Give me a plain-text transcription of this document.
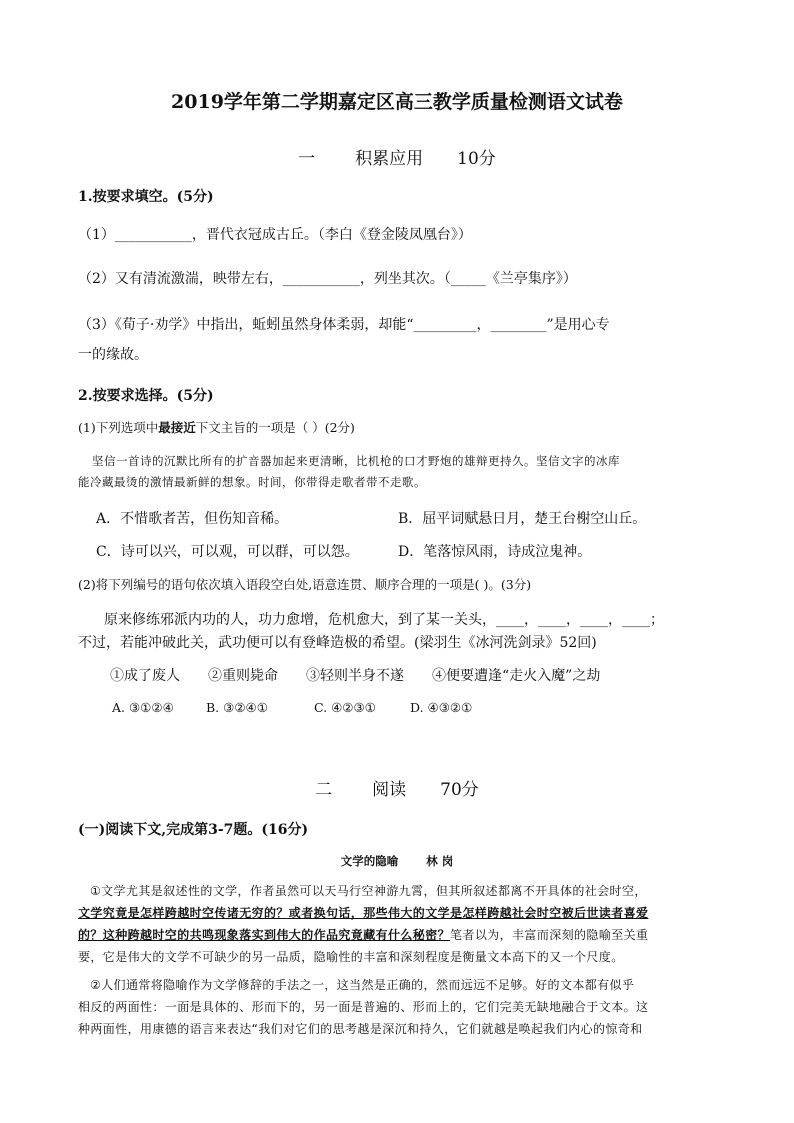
2019学年第二学期嘉定区高三教学质量检测语文试卷
一 积累应用 10分
1.按要求填空。(5分)
（1）___________，晋代衣冠成古丘。（李白《登金陵凤凰台》）
（2）又有清流激湍，映带左右，___________，列坐其次。（_____《兰亭集序》）
（3）《荀子·劝学》中指出，蚯蚓虽然身体柔弱，却能“_________，________”是用心专
一的缘故。
2.按要求选择。(5分)
(1)下列选项中最接近下文主旨的一项是（ ）(2分)
坚信一首诗的沉默比所有的扩音器加起来更清晰，比机枪的口才野炮的雄辩更持久。坚信文字的冰库
能冷藏最烫的激情最新鲜的想象。时间，你带得走歌者带不走歌。
A．不惜歌者苦，但伤知音稀。	B．屈平词赋悬日月，楚王台榭空山丘。
C．诗可以兴，可以观，可以群，可以怨。	D．笔落惊风雨，诗成泣鬼神。
(2)将下列编号的语句依次填入语段空白处,语意连贯、顺序合理的一项是( )。(3分)
原来修练邪派内功的人，功力愈增，危机愈大，到了某一关头，____，____，____，____；
不过，若能冲破此关，武功便可以有登峰造极的希望。(梁羽生《冰河洗剑录》52回)
①成了废人 ②重则毙命 ③轻则半身不遂 ④便要遭逢“走火入魔”之劫
A. ③①②④	B. ③②④①	C. ④②③①	D. ④③②①
二 阅读 70分
(一)阅读下文,完成第3-7题。(16分)
文学的隐喻 林 岗
①文学尤其是叙述性的文学，作者虽然可以天马行空神游九霄，但其所叙述都离不开具体的社会时空，
文学究竟是怎样跨越时空传诸无穷的？或者换句话，那些伟大的文学是怎样跨越社会时空被后世读者喜爱
的？这种跨越时空的共鸣现象落实到伟大的作品究竟藏有什么秘密？笔者以为，丰富而深刻的隐喻至关重
要，它是伟大的文学不可缺少的另一品质，隐喻性的丰富和深刻程度是衡量文本高下的又一个尺度。
②人们通常将隐喻作为文学修辞的手法之一，这当然是正确的，然而远远不足够。好的文本都有似乎
相反的两面性：一面是具体的、形而下的，另一面是普遍的、形而上的，它们完美无缺地融合于文本。这
种两面性，用康德的语言来表达“我们对它们的思考越是深沉和持久，它们就越是唤起我们内心的惊奇和
